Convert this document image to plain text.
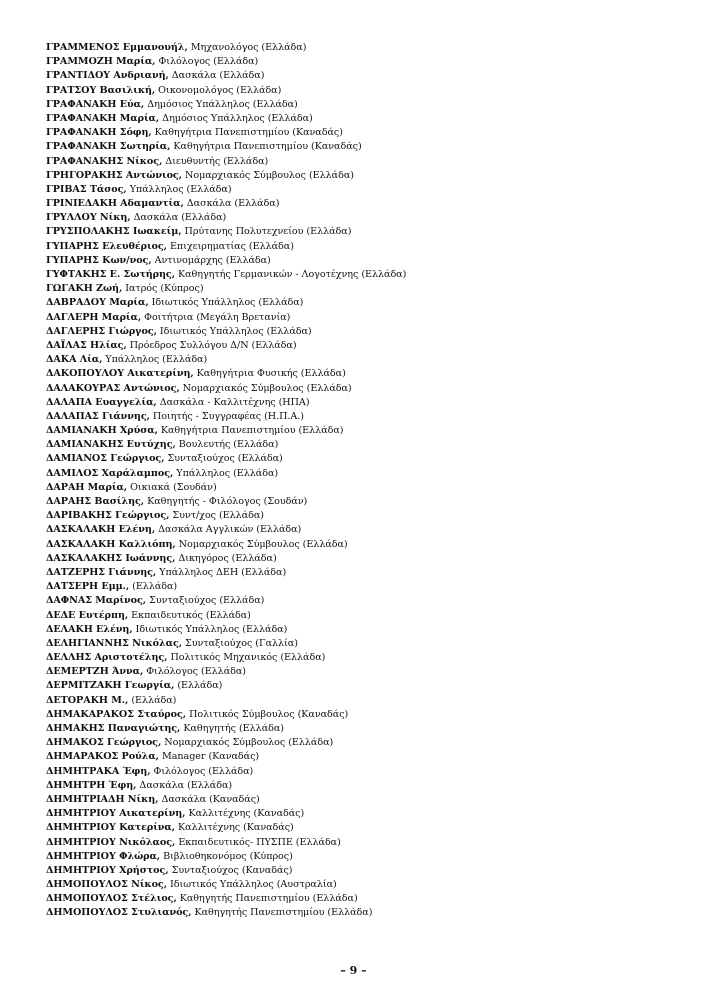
ΓΡΑΜΜΕΝΟΣ Εμμανουήλ, Μηχανολόγος (Ελλάδα)
ΓΡΑΜΜΟΖΗ Μαρία, Φιλόλογος (Ελλάδα)
ΓΡΑΝΤΙΔΟΥ Ανδριανή, Δασκάλα (Ελλάδα)
ΓΡΑΤΣΟΥ Βασιλική, Οικονομολόγος (Ελλάδα)
ΓΡΑΦΑΝΑΚΗ Εύα, Δημόσιος Υπάλληλος (Ελλάδα)
ΓΡΑΦΑΝΑΚΗ Μαρία, Δημόσιος Υπάλληλος (Ελλάδα)
ΓΡΑΦΑΝΑΚΗ Σόφη, Καθηγήτρια Πανεπιστημίου (Καναδάς)
ΓΡΑΦΑΝΑΚΗ Σωτηρία, Καθηγήτρια Πανεπιστημίου (Καναδάς)
ΓΡΑΦΑΝΑΚΗΣ Νίκος, Διευθυντής (Ελλάδα)
ΓΡΗΓΟΡΑΚΗΣ Αντώνιος, Νομαρχιακός Σύμβουλος (Ελλάδα)
ΓΡΙΒΑΣ Τάσος, Υπάλληλος (Ελλάδα)
ΓΡΙΝΙΕΔΑΚΗ Αδαμαντία, Δασκάλα (Ελλάδα)
ΓΡΥΛΛΟΥ Νίκη, Δασκάλα (Ελλάδα)
ΓΡΥΣΠΟΛΑΚΗΣ Ιωακείμ, Πρύτανης Πολυτεχνείου (Ελλάδα)
ΓΥΠΑΡΗΣ Ελευθέριος, Επιχειρηματίας (Ελλάδα)
ΓΥΠΑΡΗΣ Κων/νος, Αντινομάρχης (Ελλάδα)
ΓΥΦΤΑΚΗΣ Ε. Σωτήρης, Καθηγητής Γερμανικών - Λογοτέχνης (Ελλάδα)
ΓΩΓΑΚΗ Ζωή, Ιατρός (Κύπρος)
ΔΑΒΡΑΔΟΥ Μαρία, Ιδιωτικός Υπάλληλος (Ελλάδα)
ΔΑΓΛΕΡΗ Μαρία, Φοιτήτρια (Μεγάλη Βρετανία)
ΔΑΓΛΕΡΗΣ Γιώργος, Ιδιωτικός Υπάλληλος (Ελλάδα)
ΔΑΪΛΑΣ Ηλίας, Πρόεδρος Συλλόγου Δ/Ν (Ελλάδα)
ΔΑΚΑ Λία, Υπάλληλος (Ελλάδα)
ΔΑΚΟΠΟΥΛΟΥ Αικατερίνη, Καθηγήτρια Φυσικής (Ελλάδα)
ΔΑΛΑΚΟΥΡΑΣ Αντώνιος, Νομαρχιακός Σύμβουλος (Ελλάδα)
ΔΑΛΑΠΑ Ευαγγελία, Δασκάλα - Καλλιτέχνης (ΗΠΑ)
ΔΑΛΑΠΑΣ Γιάννης, Ποιητής - Συγγραφέας (Η.Π.Α.)
ΔΑΜΙΑΝΑΚΗ Χρύσα, Καθηγήτρια Πανεπιστημίου (Ελλάδα)
ΔΑΜΙΑΝΑΚΗΣ Ευτύχης, Βουλευτής (Ελλάδα)
ΔΑΜΙΑΝΟΣ Γεώργιος, Συνταξιούχος (Ελλάδα)
ΔΑΜΙΛΟΣ Χαράλαμπος, Υπάλληλος (Ελλάδα)
ΔΑΡΑΗ Μαρία, Οικιακά (Σουδάν)
ΔΑΡΑΗΣ Βασίλης, Καθηγητής - Φιλόλογος (Σουδάν)
ΔΑΡΙΒΑΚΗΣ Γεώργιος, Συντ/χος (Ελλάδα)
ΔΑΣΚΑΛΑΚΗ Ελένη, Δασκάλα Αγγλικών (Ελλάδα)
ΔΑΣΚΑΛΑΚΗ Καλλιόπη, Νομαρχιακός Σύμβουλος (Ελλάδα)
ΔΑΣΚΑΛΑΚΗΣ Ιωάννης, Δικηγόρος (Ελλάδα)
ΔΑΤΖΕΡΗΣ Γιάννης, Υπάλληλος ΔΕΗ (Ελλάδα)
ΔΑΤΣΕΡΗ Εμμ., (Ελλάδα)
ΔΑΦΝΑΣ Μαρίνος, Συνταξιούχος (Ελλάδα)
ΔΕΔΕ Ευτέρπη, Εκπαιδευτικός (Ελλάδα)
ΔΕΛΑΚΗ Ελένη, Ιδιωτικός Υπάλληλος (Ελλάδα)
ΔΕΛΗΓΙΑΝΝΗΣ Νικόλας, Συνταξιούχος (Γαλλία)
ΔΕΛΛΗΣ Αριστοτέλης, Πολιτικός Μηχανικός (Ελλάδα)
ΔΕΜΕΡΤΖΗ Άννα, Φιλόλογος (Ελλάδα)
ΔΕΡΜΙΤΖΑΚΗ Γεωργία, (Ελλάδα)
ΔΕΤΟΡΑΚΗ Μ., (Ελλάδα)
ΔΗΜΑΚΑΡΑΚΟΣ Σταύρος, Πολιτικός Σύμβουλος (Καναδάς)
ΔΗΜΑΚΗΣ Παναγιώτης, Καθηγητής (Ελλάδα)
ΔΗΜΑΚΟΣ Γεώργιος, Νομαρχιακός Σύμβουλος (Ελλάδα)
ΔΗΜΑΡΑΚΟΣ Ρούλα, Manager (Καναδάς)
ΔΗΜΗΤΡΑΚΑ Έφη, Φιλόλογος (Ελλάδα)
ΔΗΜΗΤΡΗ Έφη, Δασκάλα (Ελλάδα)
ΔΗΜΗΤΡΙΑΔΗ Νίκη, Δασκάλα (Καναδάς)
ΔΗΜΗΤΡΙΟΥ Αικατερίνη, Καλλιτέχνης (Καναδάς)
ΔΗΜΗΤΡΙΟΥ Κατερίνα, Καλλιτέχνης (Καναδάς)
ΔΗΜΗΤΡΙΟΥ Νικόλαος, Εκπαιδευτικός- ΠΥΣΠΕ (Ελλάδα)
ΔΗΜΗΤΡΙΟΥ Φλώρα, Βιβλιοθηκονόμος (Κύπρος)
ΔΗΜΗΤΡΙΟΥ Χρήστος, Συνταξιούχος (Καναδάς)
ΔΗΜΟΠΟΥΛΟΣ Νίκος, Ιδιωτικός Υπάλληλος (Αυστραλία)
ΔΗΜΟΠΟΥΛΟΣ Στέλιος, Καθηγητής Πανεπιστημίου (Ελλάδα)
ΔΗΜΟΠΟΥΛΟΣ Στυλιανός, Καθηγητής Πανεπιστημίου (Ελλάδα)
– 9 –
